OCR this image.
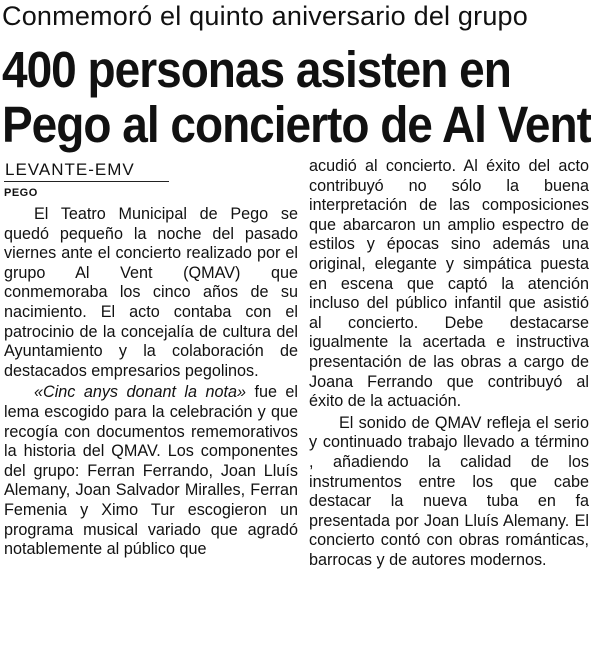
Conmemoró el quinto aniversario del grupo
400 personas asisten en
Pego al concierto de Al Vent
LEVANTE-EMV
PEGO

El Teatro Municipal de Pego se quedó pequeño la noche del pasado viernes ante el concierto realizado por el grupo Al Vent (QMAV) que conmemoraba los cinco años de su nacimiento. El acto contaba con el patrocinio de la concejalía de cultura del Ayuntamiento y la colaboración de destacados empresarios pegolinos.

«Cinc anys donant la nota» fue el lema escogido para la celebración y que recogía con documentos rememorativos la historia del QMAV. Los componentes del grupo: Ferran Ferrando, Joan Lluís Alemany, Joan Salvador Miralles, Ferran Femenia y Ximo Tur escogieron un programa musical variado que agradó notablemente al público que

acudió al concierto. Al éxito del acto contribuyó no sólo la buena interpretación de las composiciones que abarcaron un amplio espectro de estilos y épocas sino además una original, elegante y simpática puesta en escena que captó la atención incluso del público infantil que asistió al concierto. Debe destacarse igualmente la acertada e instructiva presentación de las obras a cargo de Joana Ferrando que contribuyó al éxito de la actuación.

El sonido de QMAV refleja el serio y continuado trabajo llevado a término , añadiendo la calidad de los instrumentos entre los que cabe destacar la nueva tuba en fa presentada por Joan Lluís Alemany. El concierto contó con obras románticas, barrocas y de autores modernos.
